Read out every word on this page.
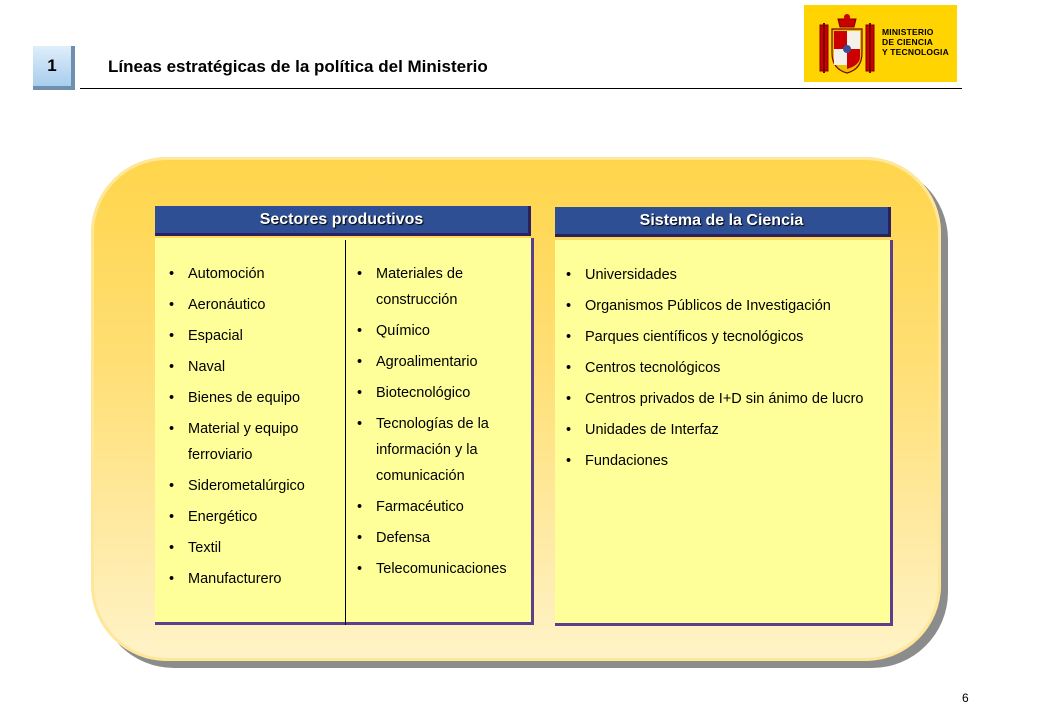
1	Líneas estratégicas de la política del Ministerio
MINISTERIO
DE CIENCIA
Y TECNOLOGIA
Sectores productivos
• Automoción
• Aeronáutico
• Espacial
• Naval
• Bienes de equipo
• Material y equipo ferroviario
• Siderometalúrgico
• Energético
• Textil
• Manufacturero
• Materiales de construcción
• Químico
• Agroalimentario
• Biotecnológico
• Tecnologías de la información y la comunicación
• Farmacéutico
• Defensa
• Telecomunicaciones
Sistema de la Ciencia
• Universidades
• Organismos Públicos de Investigación
• Parques científicos y tecnológicos
• Centros tecnológicos
• Centros privados de I+D sin ánimo de lucro
• Unidades de Interfaz
• Fundaciones
6
